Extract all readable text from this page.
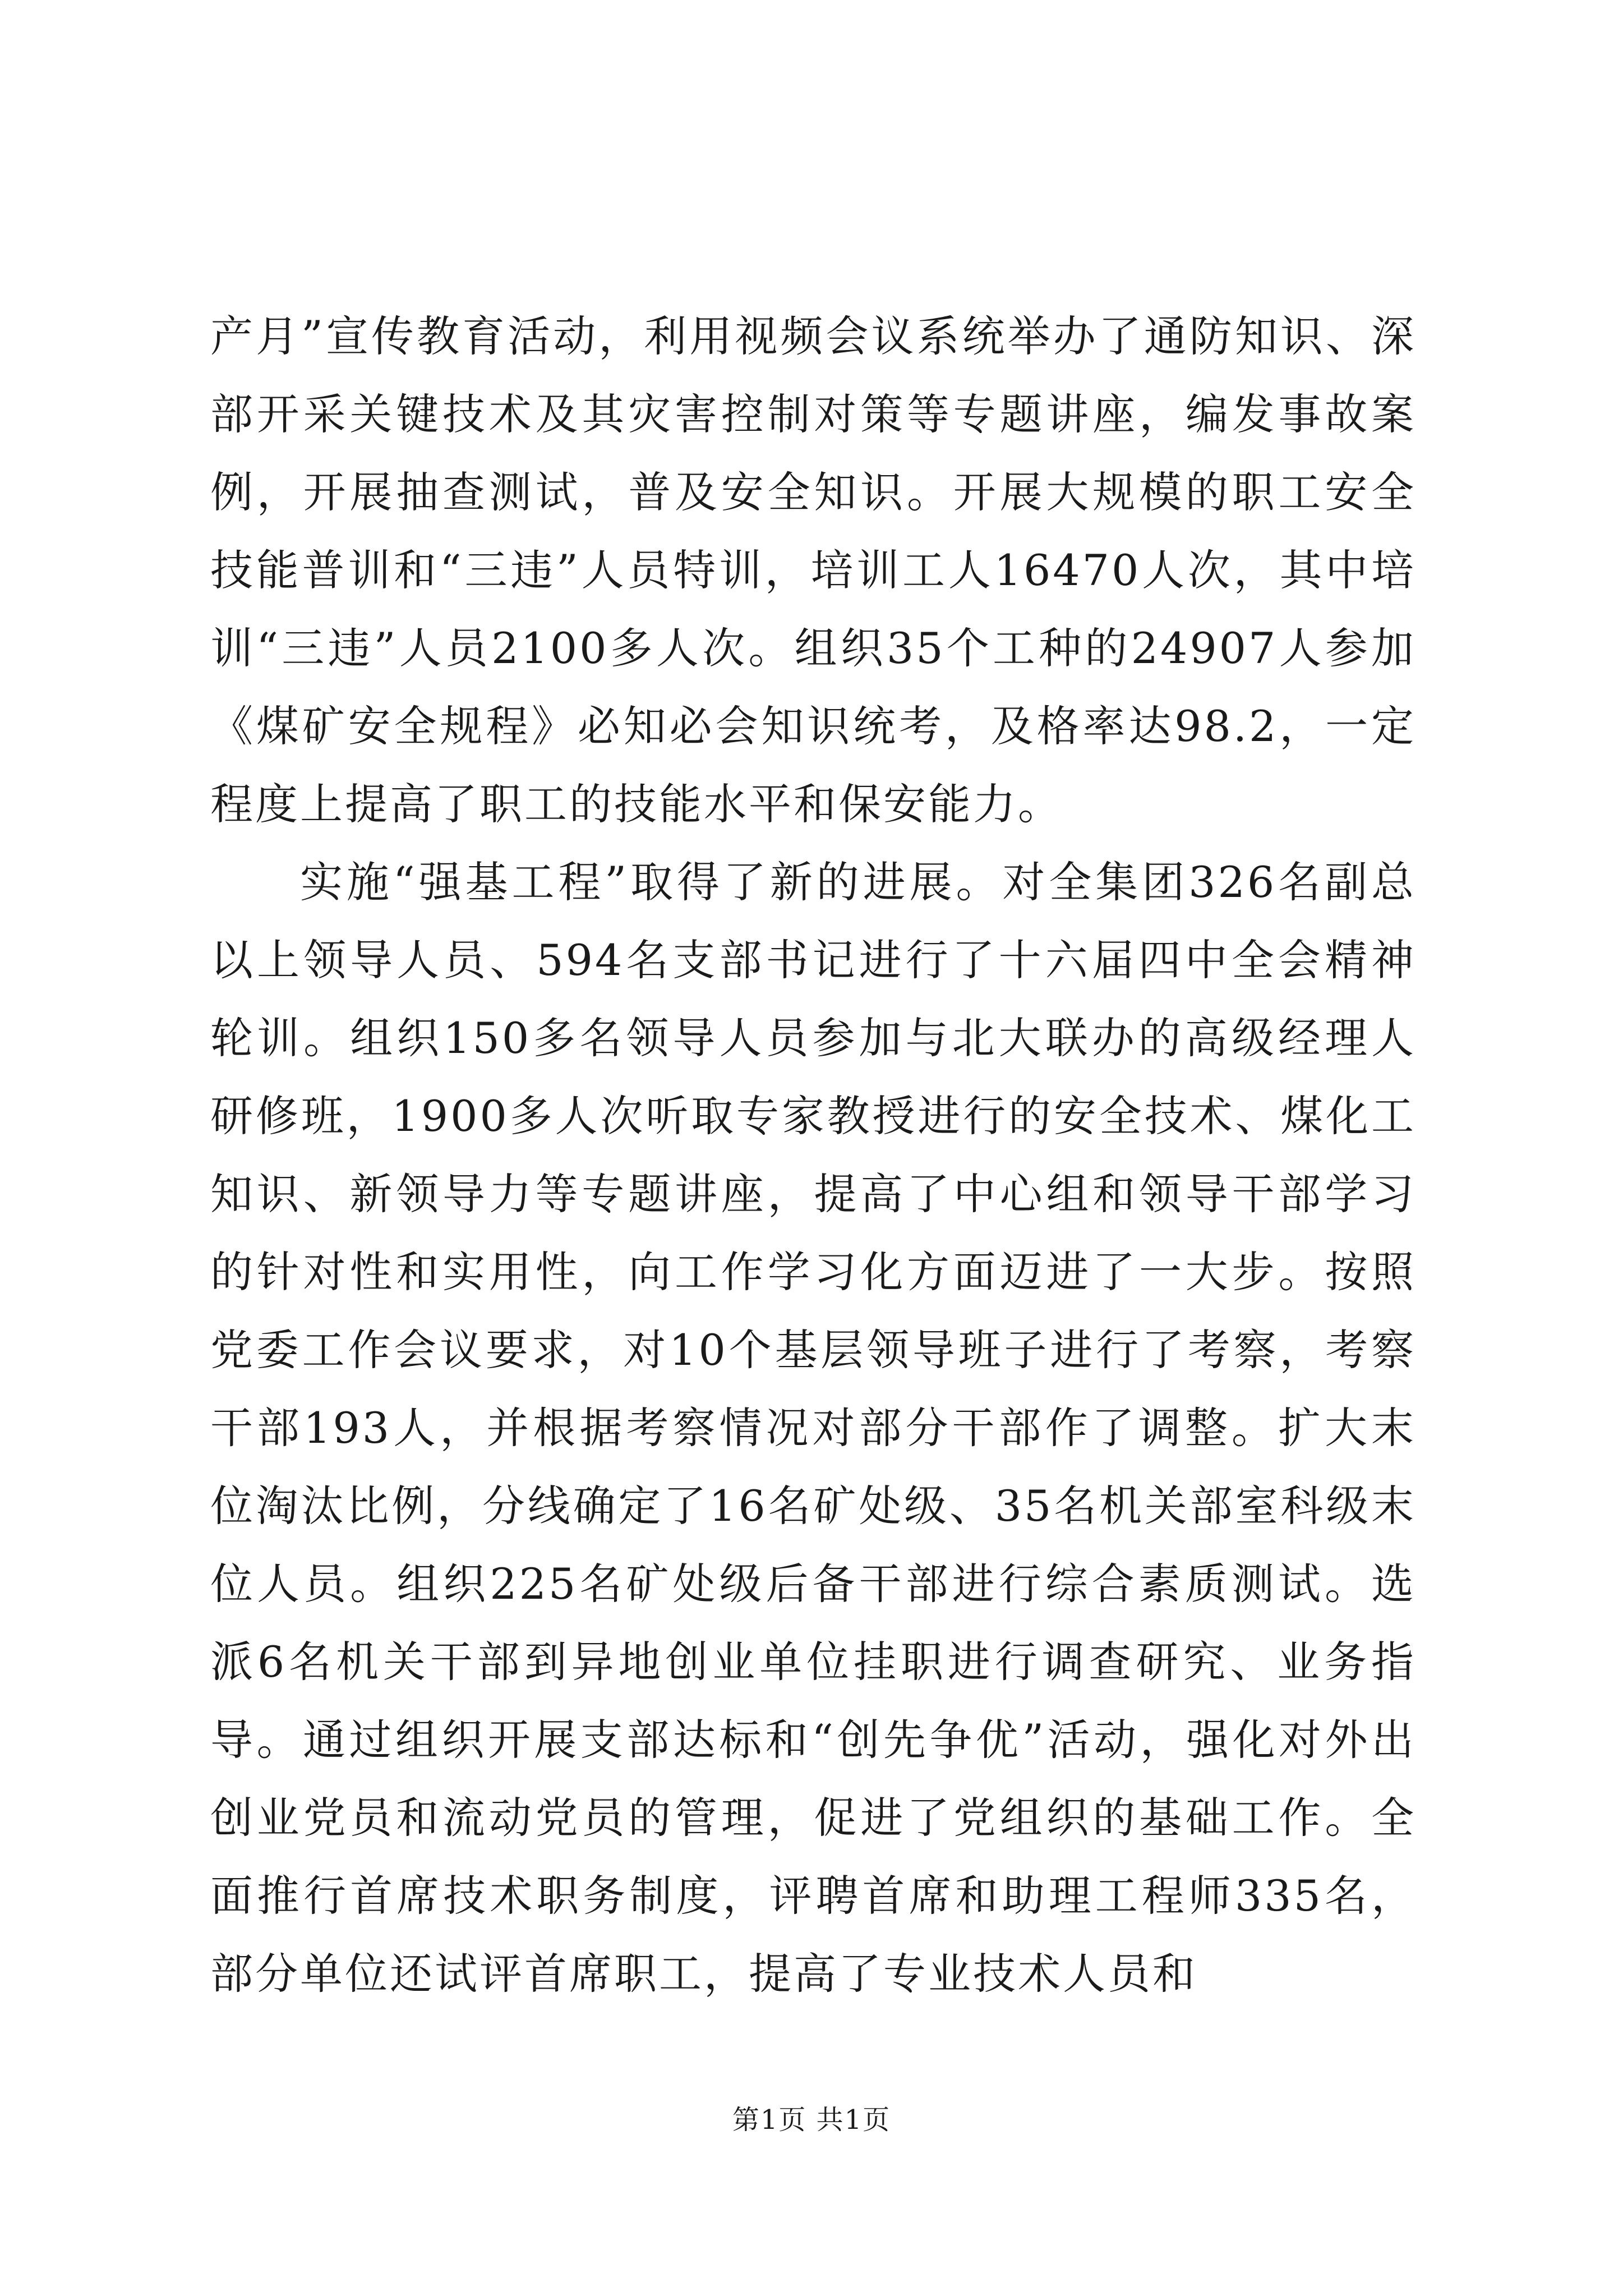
产月”宣传教育活动，利用视频会议系统举办了通防知识、深部开采关键技术及其灾害控制对策等专题讲座，编发事故案例，开展抽查测试，普及安全知识。开展大规模的职工安全技能普训和“三违”人员特训，培训工人16470人次，其中培训“三违”人员2100多人次。组织35个工种的24907人参加《煤矿安全规程》必知必会知识统考，及格率达98.2，一定程度上提高了职工的技能水平和保安能力。

实施“强基工程”取得了新的进展。对全集团326名副总以上领导人员、594名支部书记进行了十六届四中全会精神轮训。组织150多名领导人员参加与北大联办的高级经理人研修班，1900多人次听取专家教授进行的安全技术、煤化工知识、新领导力等专题讲座，提高了中心组和领导干部学习的针对性和实用性，向工作学习化方面迈进了一大步。按照党委工作会议要求，对10个基层领导班子进行了考察，考察干部193人，并根据考察情况对部分干部作了调整。扩大末位淘汰比例，分线确定了16名矿处级、35名机关部室科级末位人员。组织225名矿处级后备干部进行综合素质测试。选派6名机关干部到异地创业单位挂职进行调查研究、业务指导。通过组织开展支部达标和“创先争优”活动，强化对外出创业党员和流动党员的管理，促进了党组织的基础工作。全面推行首席技术职务制度，评聘首席和助理工程师335名，部分单位还试评首席职工，提高了专业技术人员和

第1页 共1页
